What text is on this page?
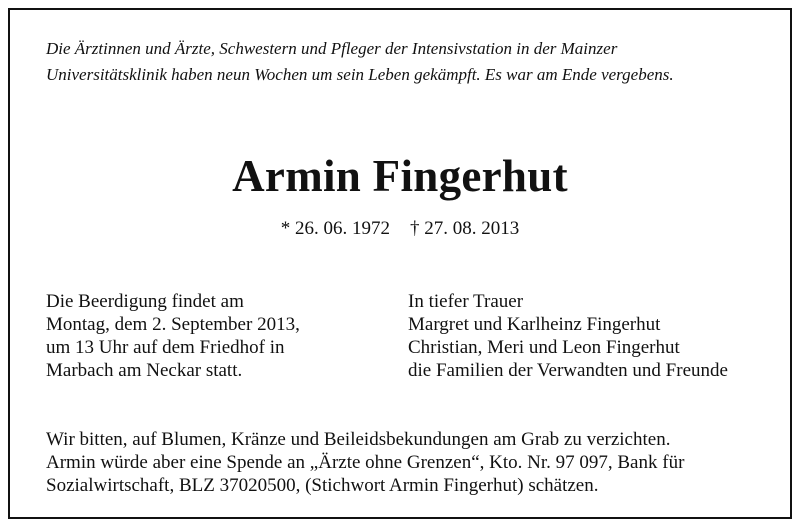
Die Ärztinnen und Ärzte, Schwestern und Pfleger der Intensivstation in der Mainzer
Universitätsklinik haben neun Wochen um sein Leben gekämpft. Es war am Ende vergebens.

Armin Fingerhut

* 26. 06. 1972 † 27. 08. 2013

Die Beerdigung findet am
Montag, dem 2. September 2013,
um 13 Uhr auf dem Friedhof in
Marbach am Neckar statt.

In tiefer Trauer
Margret und Karlheinz Fingerhut
Christian, Meri und Leon Fingerhut
die Familien der Verwandten und Freunde

Wir bitten, auf Blumen, Kränze und Beileidsbekundungen am Grab zu verzichten.
Armin würde aber eine Spende an „Ärzte ohne Grenzen“, Kto. Nr. 97 097, Bank für
Sozialwirtschaft, BLZ 37020500, (Stichwort Armin Fingerhut) schätzen.
